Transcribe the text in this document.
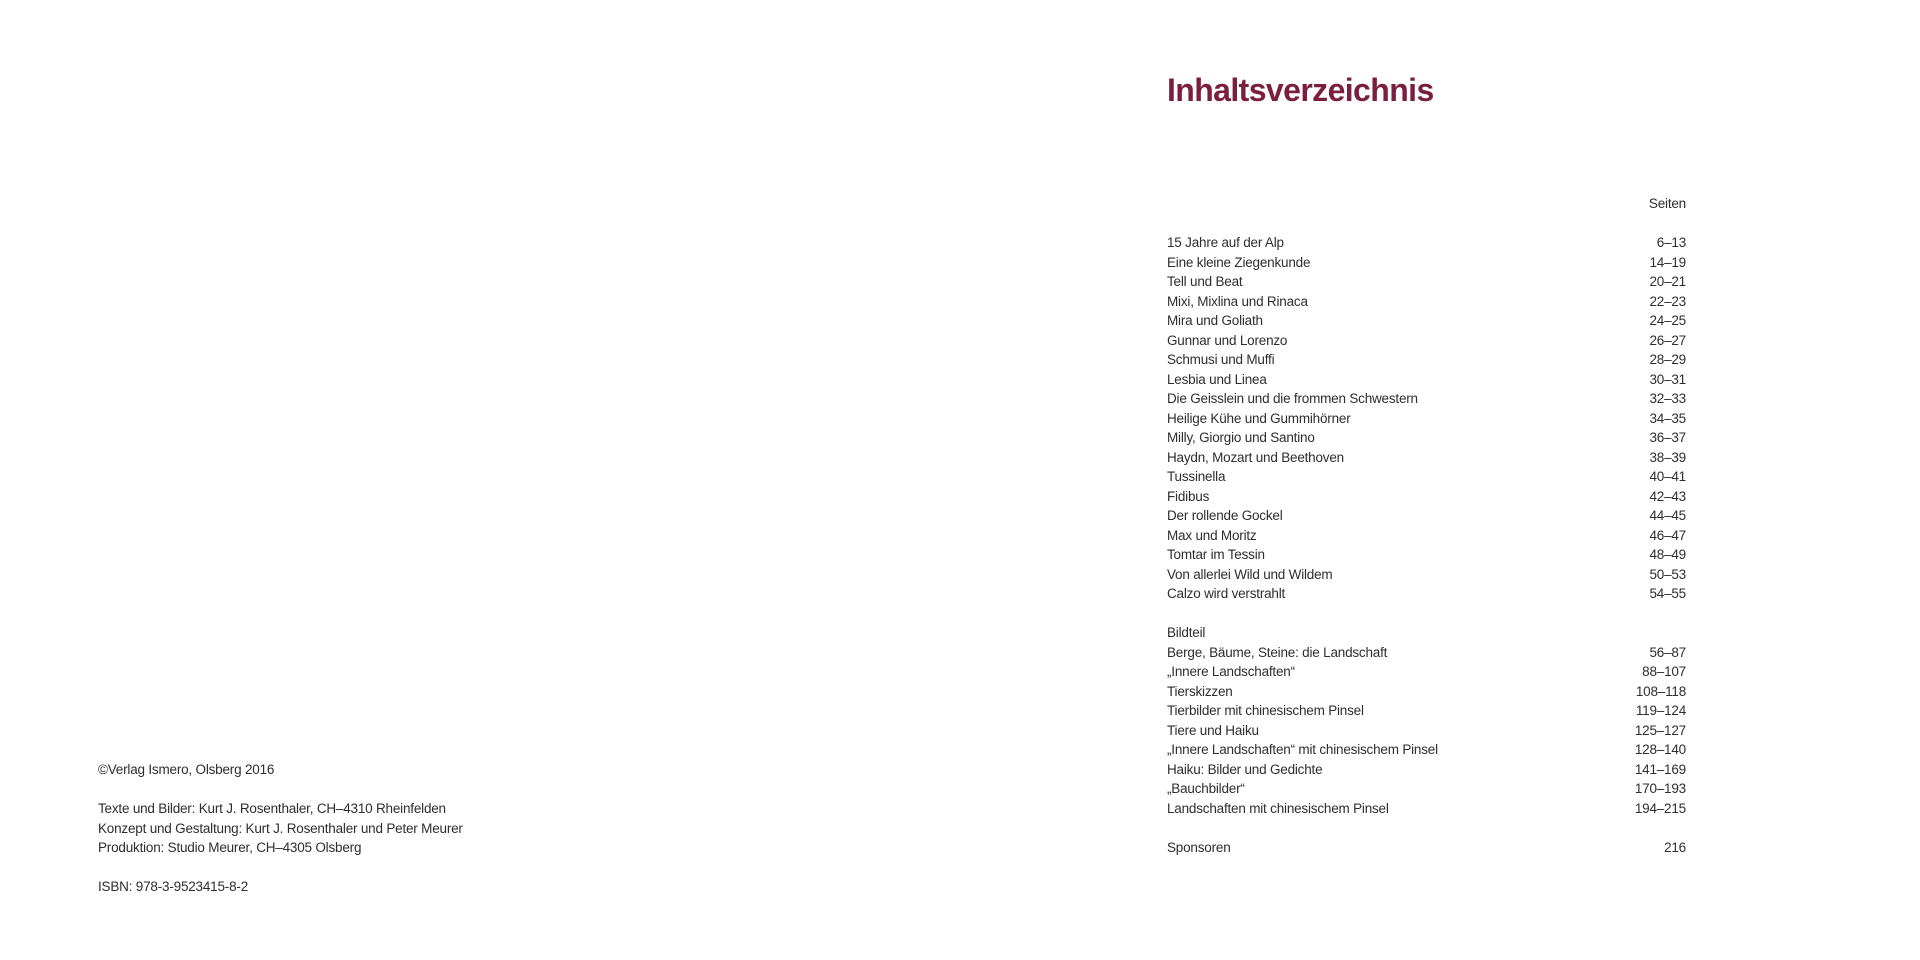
©Verlag Ismero, Olsberg 2016
Texte und Bilder: Kurt J. Rosenthaler, CH–4310 Rheinfelden
Konzept und Gestaltung: Kurt J. Rosenthaler und Peter Meurer
Produktion: Studio Meurer, CH–4305 Olsberg
ISBN: 978-3-9523415-8-2
Inhaltsverzeichnis
Seiten
15 Jahre auf der Alp	6–13
Eine kleine Ziegenkunde	14–19
Tell und Beat	20–21
Mixi, Mixlina und Rinaca	22–23
Mira und Goliath	24–25
Gunnar und Lorenzo	26–27
Schmusi und Muffi	28–29
Lesbia und Linea	30–31
Die Geisslein und die frommen Schwestern	32–33
Heilige Kühe und Gummihörner	34–35
Milly, Giorgio und Santino	36–37
Haydn, Mozart und Beethoven	38–39
Tussinella	40–41
Fidibus	42–43
Der rollende Gockel	44–45
Max und Moritz	46–47
Tomtar im Tessin	48–49
Von allerlei Wild und Wildem	50–53
Calzo wird verstrahlt	54–55
Bildteil
Berge, Bäume, Steine: die Landschaft	56–87
„Innere Landschaften“	88–107
Tierskizzen	108–118
Tierbilder mit chinesischem Pinsel	119–124
Tiere und Haiku	125–127
„Innere Landschaften“ mit chinesischem Pinsel	128–140
Haiku: Bilder und Gedichte	141–169
„Bauchbilder“	170–193
Landschaften mit chinesischem Pinsel	194–215
Sponsoren	216
